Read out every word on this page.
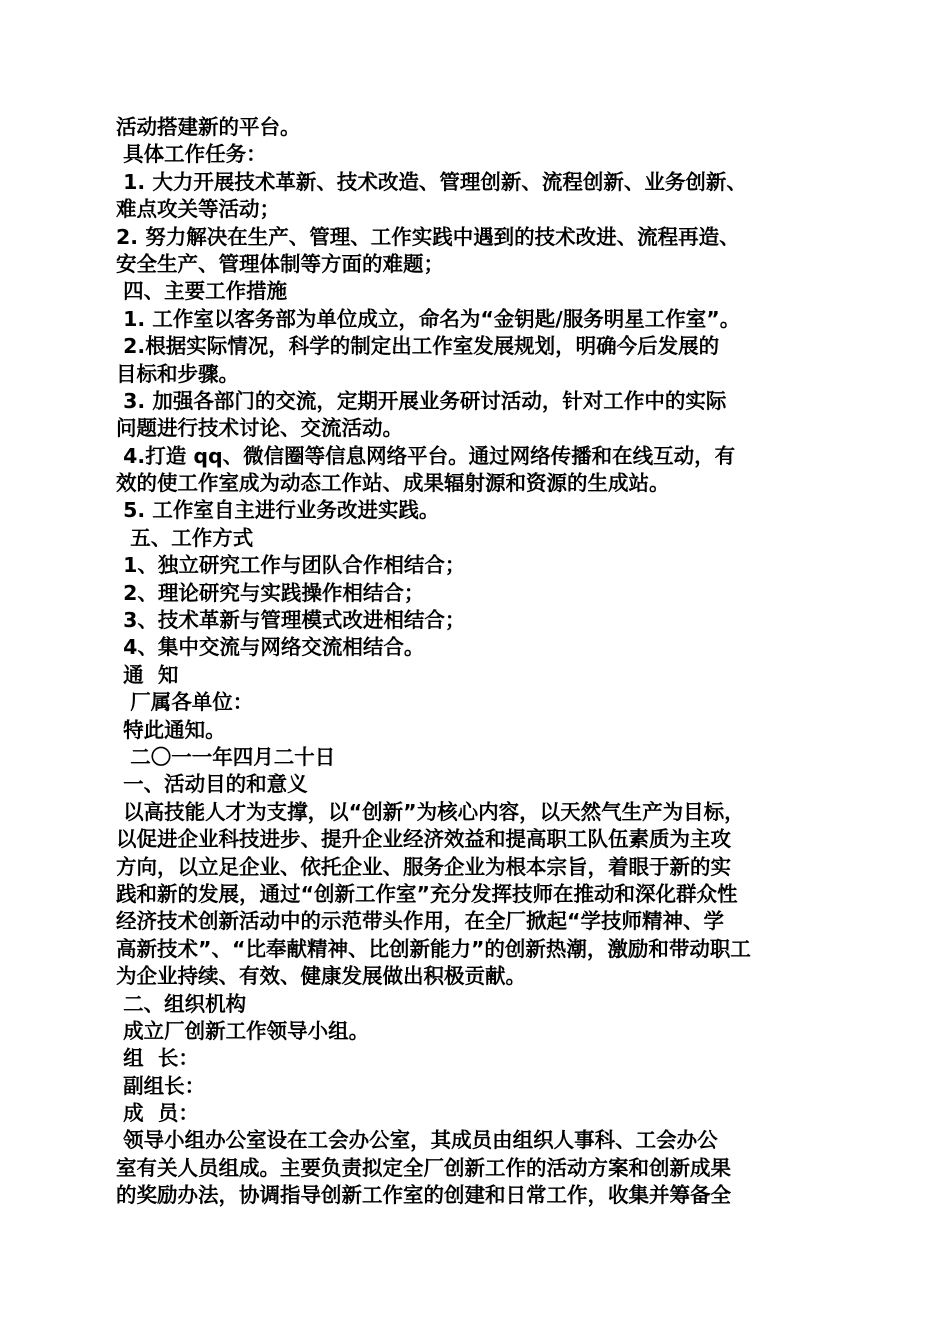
活动搭建新的平台。
具体工作任务：
1. 大力开展技术革新、技术改造、管理创新、流程创新、业务创新、
难点攻关等活动；
2. 努力解决在生产、管理、工作实践中遇到的技术改进、流程再造、
安全生产、管理体制等方面的难题；
四、主要工作措施
1. 工作室以客务部为单位成立，命名为“金钥匙/服务明星工作室”。
2.根据实际情况，科学的制定出工作室发展规划，明确今后发展的
目标和步骤。
3. 加强各部门的交流，定期开展业务研讨活动，针对工作中的实际
问题进行技术讨论、交流活动。
4.打造 qq、微信圈等信息网络平台。通过网络传播和在线互动，有
效的使工作室成为动态工作站、成果辐射源和资源的生成站。
5. 工作室自主进行业务改进实践。
五、工作方式
1、独立研究工作与团队合作相结合；
2、理论研究与实践操作相结合；
3、技术革新与管理模式改进相结合；
4、集中交流与网络交流相结合。
通  知
厂属各单位：
特此通知。
二〇一一年四月二十日
一、活动目的和意义
以高技能人才为支撑，以“创新”为核心内容，以天然气生产为目标，
以促进企业科技进步、提升企业经济效益和提高职工队伍素质为主攻
方向，以立足企业、依托企业、服务企业为根本宗旨，着眼于新的实
践和新的发展，通过“创新工作室”充分发挥技师在推动和深化群众性
经济技术创新活动中的示范带头作用，在全厂掀起“学技师精神、学
高新技术”、“比奉献精神、比创新能力”的创新热潮，激励和带动职工
为企业持续、有效、健康发展做出积极贡献。
二、组织机构
成立厂创新工作领导小组。
组  长：
副组长：
成  员：
领导小组办公室设在工会办公室，其成员由组织人事科、工会办公
室有关人员组成。主要负责拟定全厂创新工作的活动方案和创新成果
的奖励办法，协调指导创新工作室的创建和日常工作，收集并筹备全
